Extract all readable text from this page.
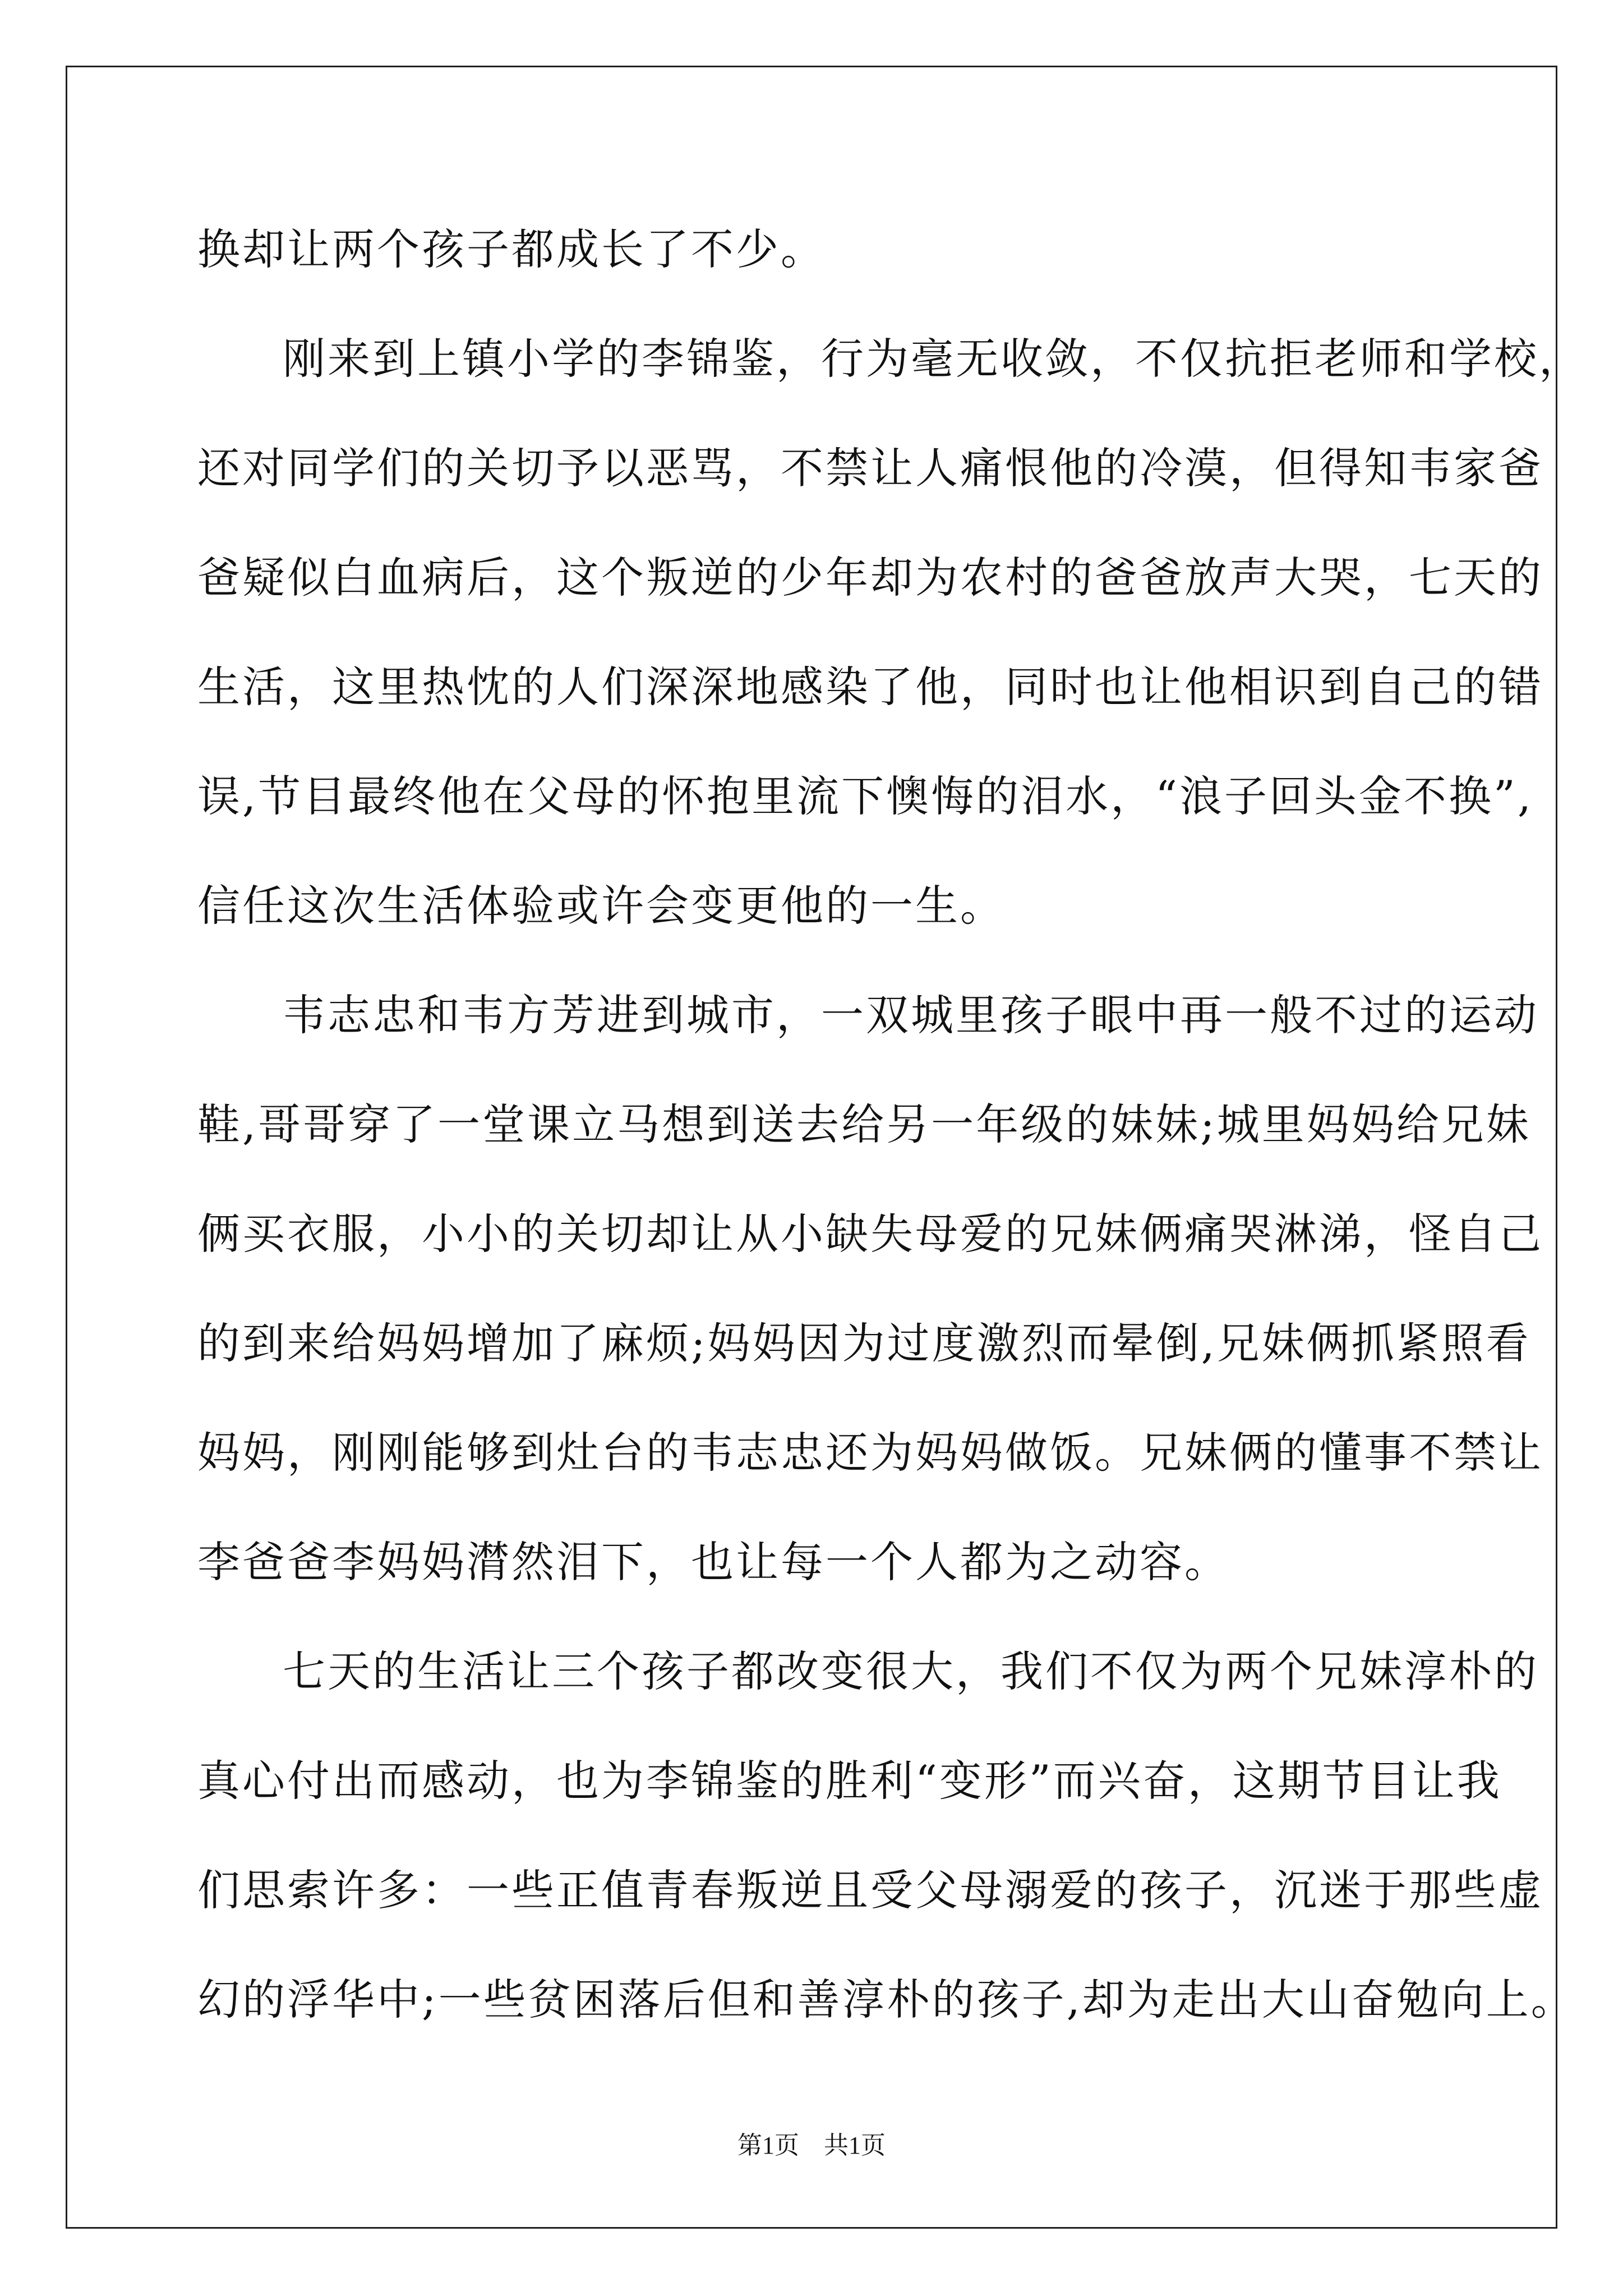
换却让两个孩子都成长了不少。
刚来到上镇小学的李锦鉴，行为毫无收敛，不仅抗拒老师和学校，
还对同学们的关切予以恶骂，不禁让人痛恨他的冷漠，但得知韦家爸
爸疑似白血病后，这个叛逆的少年却为农村的爸爸放声大哭，七天的
生活，这里热忱的人们深深地感染了他，同时也让他相识到自己的错
误,节目最终他在父母的怀抱里流下懊悔的泪水，“浪子回头金不换”,
信任这次生活体验或许会变更他的一生。
韦志忠和韦方芳进到城市，一双城里孩子眼中再一般不过的运动
鞋,哥哥穿了一堂课立马想到送去给另一年级的妹妹;城里妈妈给兄妹
俩买衣服，小小的关切却让从小缺失母爱的兄妹俩痛哭淋涕，怪自己
的到来给妈妈增加了麻烦;妈妈因为过度激烈而晕倒,兄妹俩抓紧照看
妈妈，刚刚能够到灶台的韦志忠还为妈妈做饭。兄妹俩的懂事不禁让
李爸爸李妈妈潸然泪下，也让每一个人都为之动容。
七天的生活让三个孩子都改变很大，我们不仅为两个兄妹淳朴的
真心付出而感动，也为李锦鉴的胜利“变形”而兴奋，这期节目让我
们思索许多：一些正值青春叛逆且受父母溺爱的孩子，沉迷于那些虚
幻的浮华中;一些贫困落后但和善淳朴的孩子,却为走出大山奋勉向上。
第1页　共1页
